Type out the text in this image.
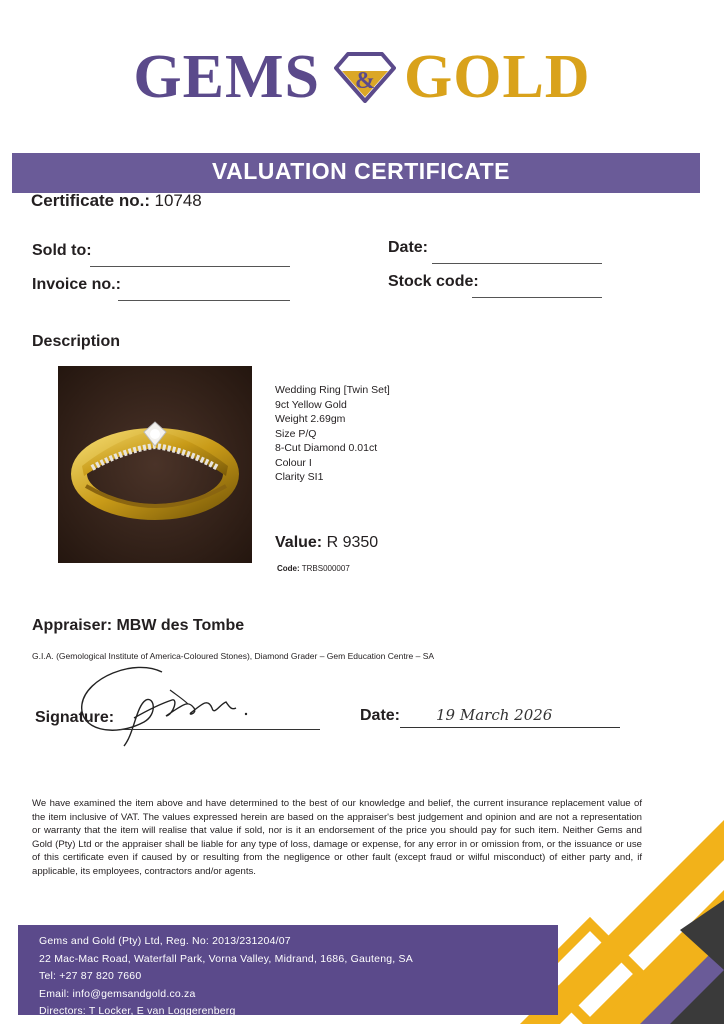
GEMS & GOLD
VALUATION CERTIFICATE
Certificate no.: 10748
Sold to:	Date:
Invoice no.:	Stock code:
Description
Wedding Ring [Twin Set]
9ct Yellow Gold
Weight 2.69gm
Size P/Q
8-Cut Diamond 0.01ct
Colour I
Clarity SI1
Value: R 9350
Code: TRBS000007
Appraiser: MBW des Tombe
G.I.A. (Gemological Institute of America-Coloured Stones), Diamond Grader – Gem Education Centre – SA
Signature:	Date: 19 March 2026
We have examined the item above and have determined to the best of our knowledge and belief, the current insurance replacement value of the item inclusive of VAT. The values expressed herein are based on the appraiser's best judgement and opinion and are not a representation or warranty that the item will realise that value if sold, nor is it an endorsement of the price you should pay for such item. Neither Gems and Gold (Pty) Ltd or the appraiser shall be liable for any type of loss, damage or expense, for any error in or omission from, or the issuance or use of this certificate even if caused by or resulting from the negligence or other fault (except fraud or wilful misconduct) of either party and, if applicable, its employees, contractors and/or agents.
Gems and Gold (Pty) Ltd, Reg. No: 2013/231204/07
22 Mac-Mac Road, Waterfall Park, Vorna Valley, Midrand, 1686, Gauteng, SA
Tel: +27 87 820 7660
Email: info@gemsandgold.co.za
Directors: T Locker, E van Loggerenberg
